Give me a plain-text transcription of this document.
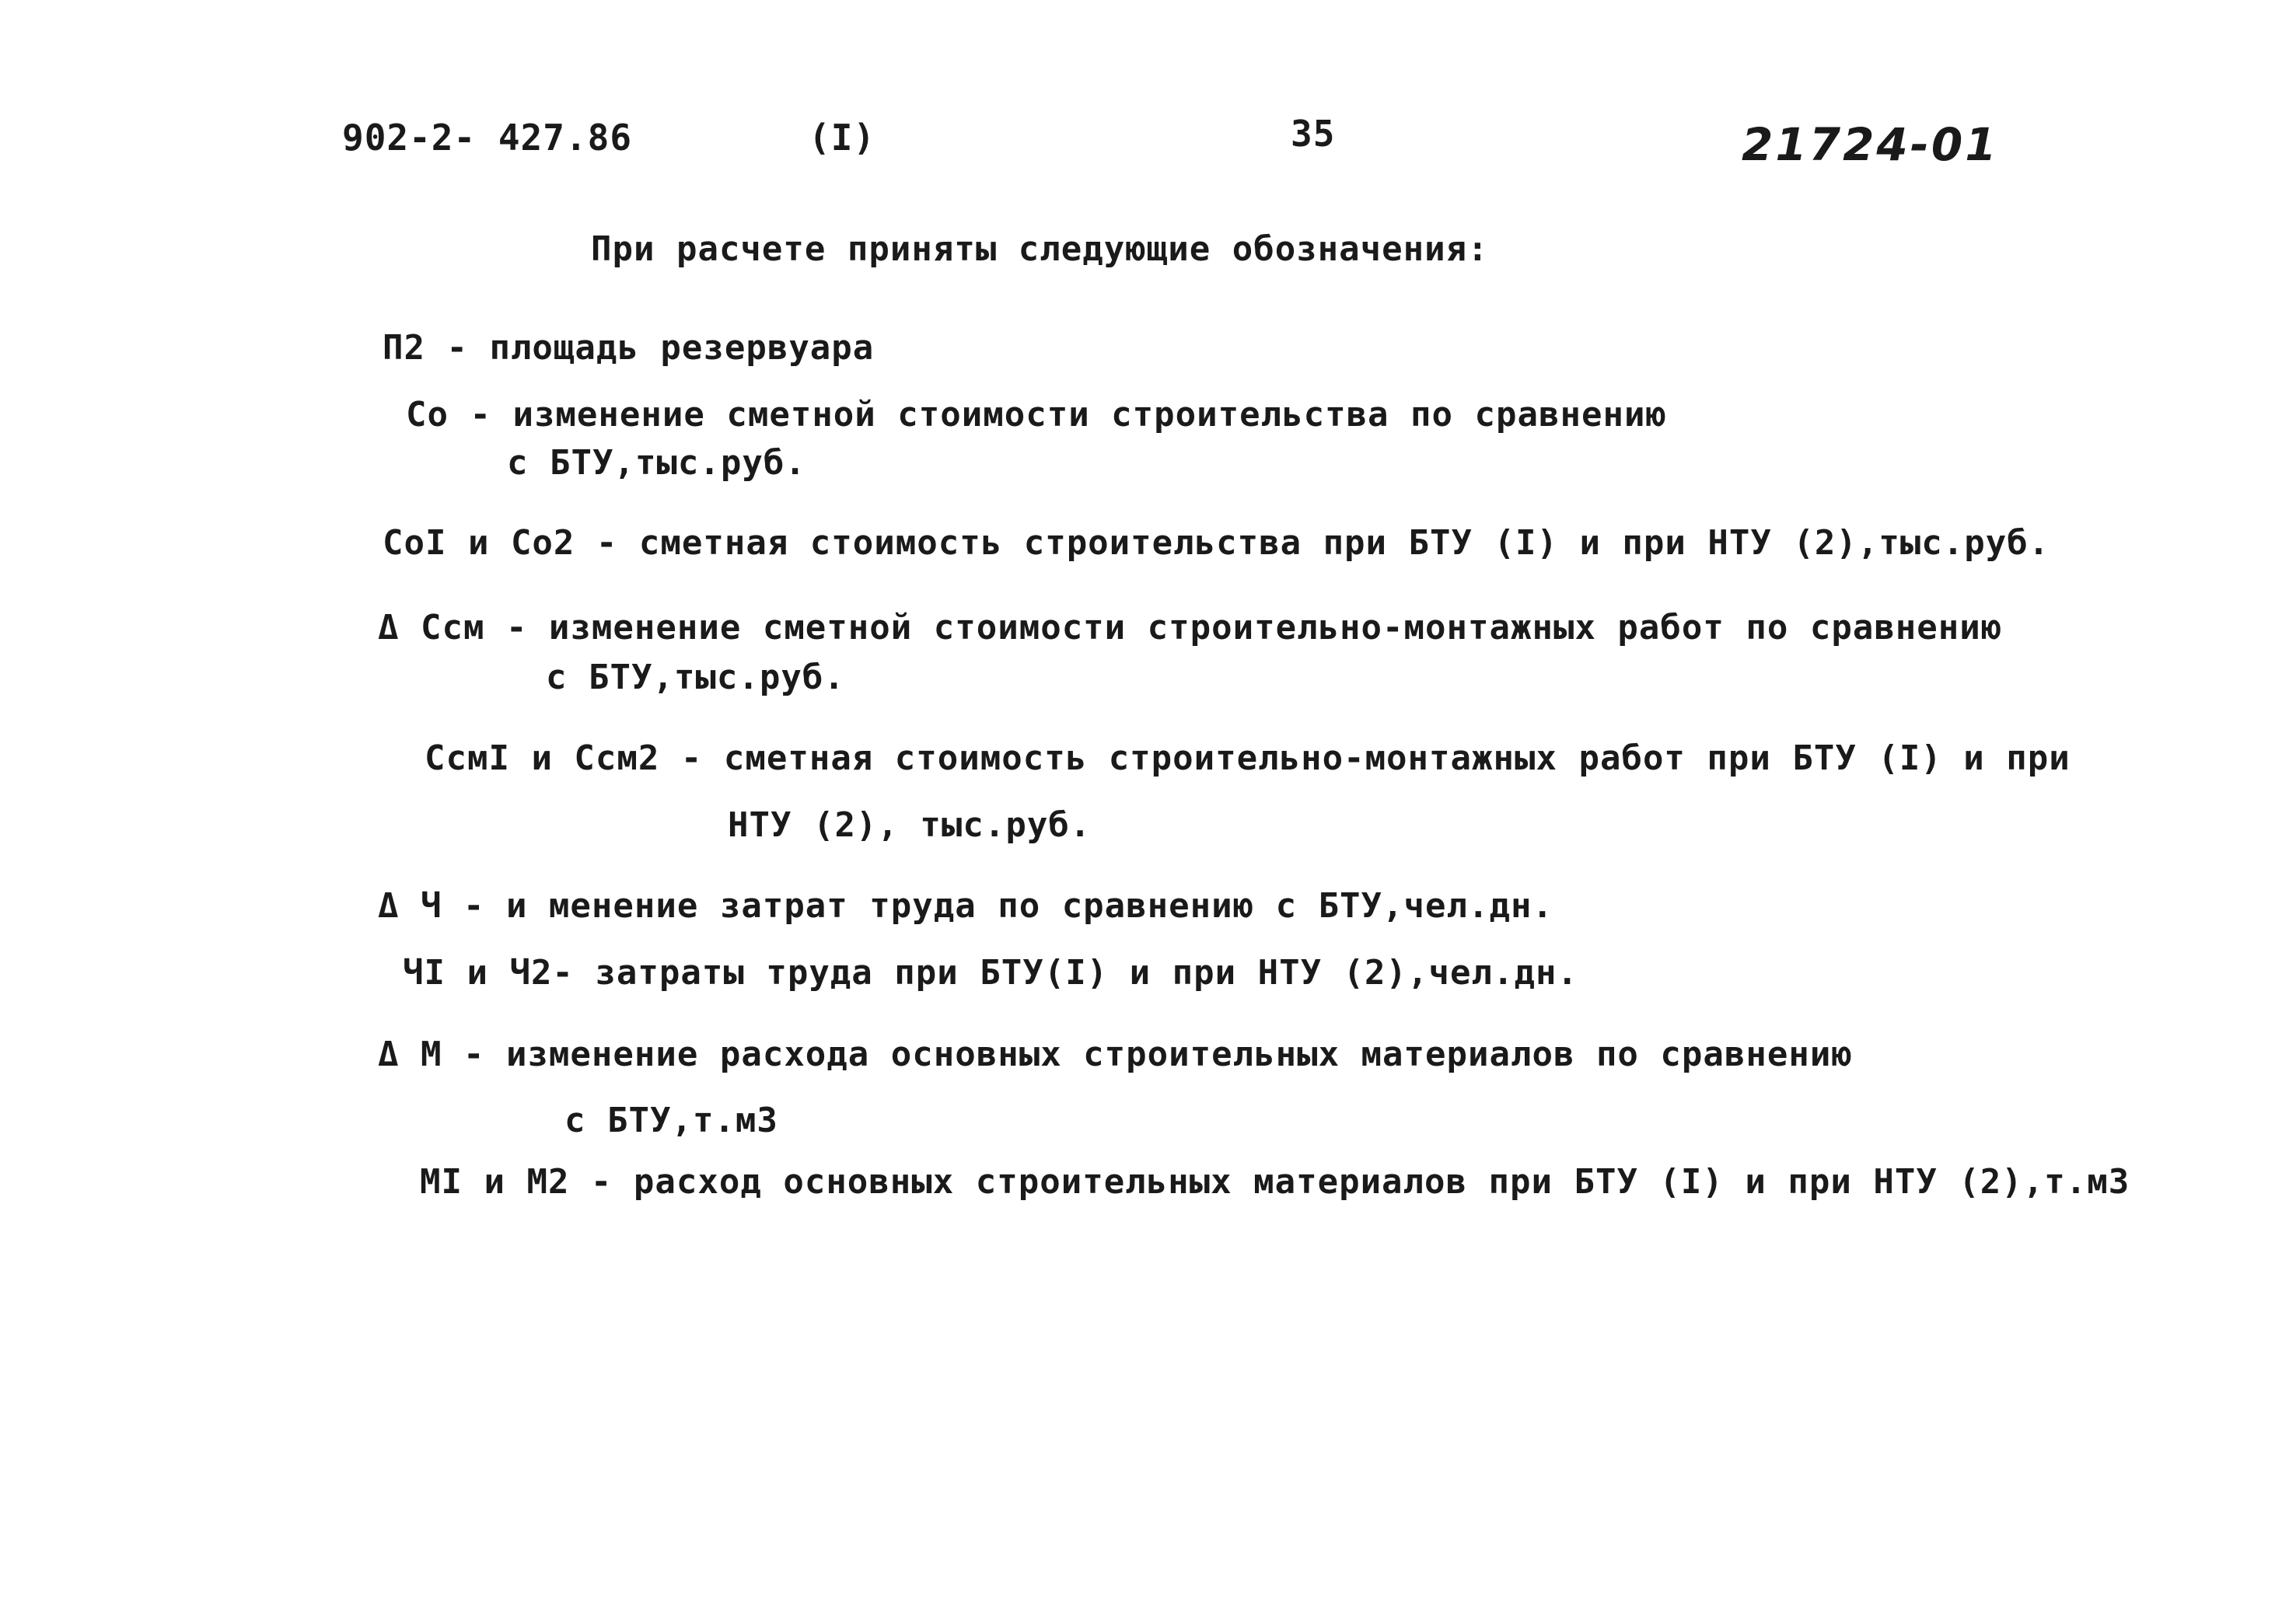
902-2- 427.86	(I)	35	21724-01
При расчете приняты следующие обозначения:
П2 - площадь резервуара
Co - изменение сметной стоимости строительства по сравнению
с БТУ,тыс.руб.
CoI и Co2 - сметная стоимость строительства при БТУ (I) и при НТУ (2),тыс.руб.
Δ Ссм - изменение сметной стоимости строительно-монтажных работ по сравнению
с БТУ,тыс.руб.
СсмI и Ссм2 - сметная стоимость строительно-монтажных работ при БТУ (I) и при
НТУ (2), тыс.руб.
Δ Ч - и менение затрат труда по сравнению с БТУ,чел.дн.
ЧI и Ч2- затраты труда при БТУ(I) и при НТУ (2),чел.дн.
Δ М - изменение расхода основных строительных материалов по сравнению
с БТУ,т.м3
МI и М2 - расход основных строительных материалов при БТУ (I) и при НТУ (2),т.м3
